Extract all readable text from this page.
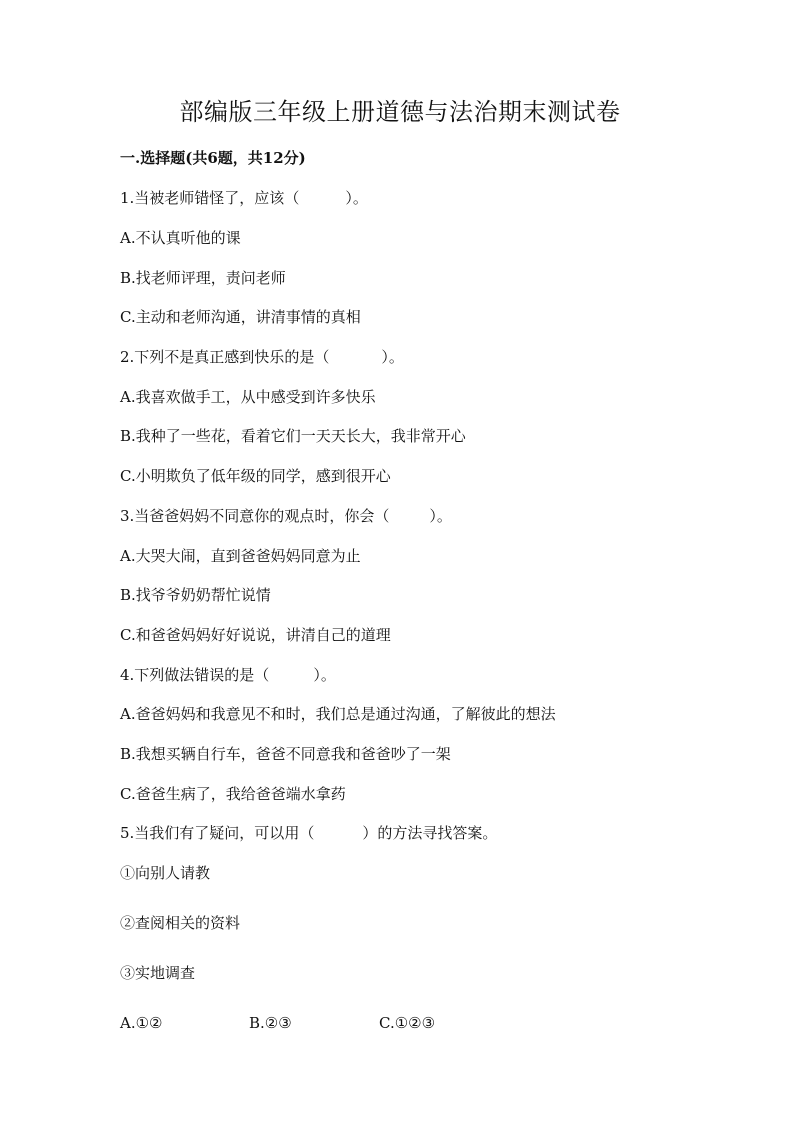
部编版三年级上册道德与法治期末测试卷
一.选择题(共6题，共12分)
1.当被老师错怪了，应该（	）。
A.不认真听他的课
B.找老师评理，责问老师
C.主动和老师沟通，讲清事情的真相
2.下列不是真正感到快乐的是（	）。
A.我喜欢做手工，从中感受到许多快乐
B.我种了一些花，看着它们一天天长大，我非常开心
C.小明欺负了低年级的同学，感到很开心
3.当爸爸妈妈不同意你的观点时，你会（	）。
A.大哭大闹，直到爸爸妈妈同意为止
B.找爷爷奶奶帮忙说情
C.和爸爸妈妈好好说说，讲清自己的道理
4.下列做法错误的是（	）。
A.爸爸妈妈和我意见不和时，我们总是通过沟通，了解彼此的想法
B.我想买辆自行车，爸爸不同意我和爸爸吵了一架
C.爸爸生病了，我给爸爸端水拿药
5.当我们有了疑问，可以用（	）的方法寻找答案。
①向别人请教
②查阅相关的资料
③实地调查
A.①②	B.②③	C.①②③
